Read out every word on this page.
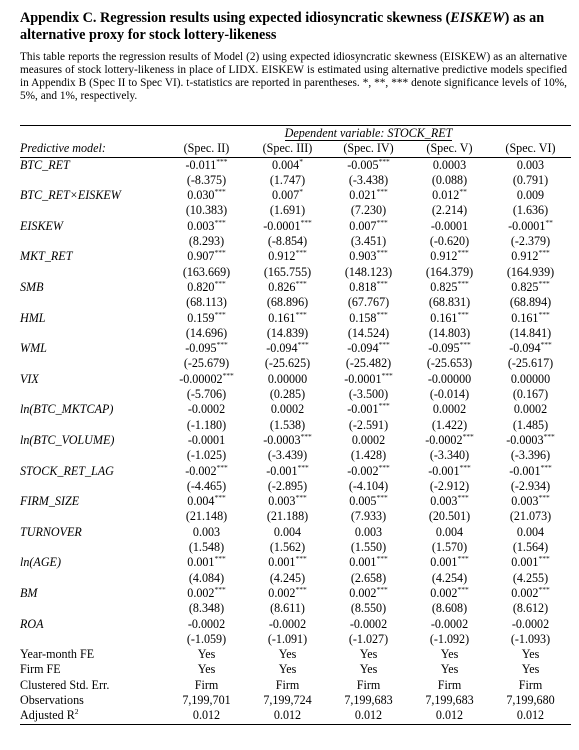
Appendix C. Regression results using expected idiosyncratic skewness (EISKEW) as an alternative proxy for stock lottery-likeness

This table reports the regression results of Model (2) using expected idiosyncratic skewness (EISKEW) as an alternative measures of stock lottery-likeness in place of LIDX. EISKEW is estimated using alternative predictive models specified in Appendix B (Spec II to Spec VI). t-statistics are reported in parentheses. *, **, *** denote significance levels of 10%, 5%, and 1%, respectively.

	Dependent variable: STOCK_RET				
Predictive model:	(Spec. II)	(Spec. III)	(Spec. IV)	(Spec. V)	(Spec. VI)
BTC_RET	-0.011***	0.004*	-0.005***	0.0003	0.003
	(-8.375)	(1.747)	(-3.438)	(0.088)	(0.791)
BTC_RET×EISKEW	0.030***	0.007*	0.021***	0.012**	0.009
	(10.383)	(1.691)	(7.230)	(2.214)	(1.636)
EISKEW	0.003***	-0.0001***	0.007***	-0.0001	-0.0001**
	(8.293)	(-8.854)	(3.451)	(-0.620)	(-2.379)
MKT_RET	0.907***	0.912***	0.903***	0.912***	0.912***
	(163.669)	(165.755)	(148.123)	(164.379)	(164.939)
SMB	0.820***	0.826***	0.818***	0.825***	0.825***
	(68.113)	(68.896)	(67.767)	(68.831)	(68.894)
HML	0.159***	0.161***	0.158***	0.161***	0.161***
	(14.696)	(14.839)	(14.524)	(14.803)	(14.841)
WML	-0.095***	-0.094***	-0.094***	-0.095***	-0.094***
	(-25.679)	(-25.625)	(-25.482)	(-25.653)	(-25.617)
VIX	-0.00002***	0.00000	-0.0001***	-0.00000	0.00000
	(-5.706)	(0.285)	(-3.500)	(-0.014)	(0.167)
ln(BTC_MKTCAP)	-0.0002	0.0002	-0.001***	0.0002	0.0002
	(-1.180)	(1.538)	(-2.591)	(1.422)	(1.485)
ln(BTC_VOLUME)	-0.0001	-0.0003***	0.0002	-0.0002***	-0.0003***
	(-1.025)	(-3.439)	(1.428)	(-3.340)	(-3.396)
STOCK_RET_LAG	-0.002***	-0.001***	-0.002***	-0.001***	-0.001***
	(-4.465)	(-2.895)	(-4.104)	(-2.912)	(-2.934)
FIRM_SIZE	0.004***	0.003***	0.005***	0.003***	0.003***
	(21.148)	(21.188)	(7.933)	(20.501)	(21.073)
TURNOVER	0.003	0.004	0.003	0.004	0.004
	(1.548)	(1.562)	(1.550)	(1.570)	(1.564)
ln(AGE)	0.001***	0.001***	0.001***	0.001***	0.001***
	(4.084)	(4.245)	(2.658)	(4.254)	(4.255)
BM	0.002***	0.002***	0.002***	0.002***	0.002***
	(8.348)	(8.611)	(8.550)	(8.608)	(8.612)
ROA	-0.0002	-0.0002	-0.0002	-0.0002	-0.0002
	(-1.059)	(-1.091)	(-1.027)	(-1.092)	(-1.093)
Year-month FE	Yes	Yes	Yes	Yes	Yes
Firm FE	Yes	Yes	Yes	Yes	Yes
Clustered Std. Err.	Firm	Firm	Firm	Firm	Firm
Observations	7,199,701	7,199,724	7,199,683	7,199,683	7,199,680
Adjusted $R^2$	0.012	0.012	0.012	0.012	0.012
